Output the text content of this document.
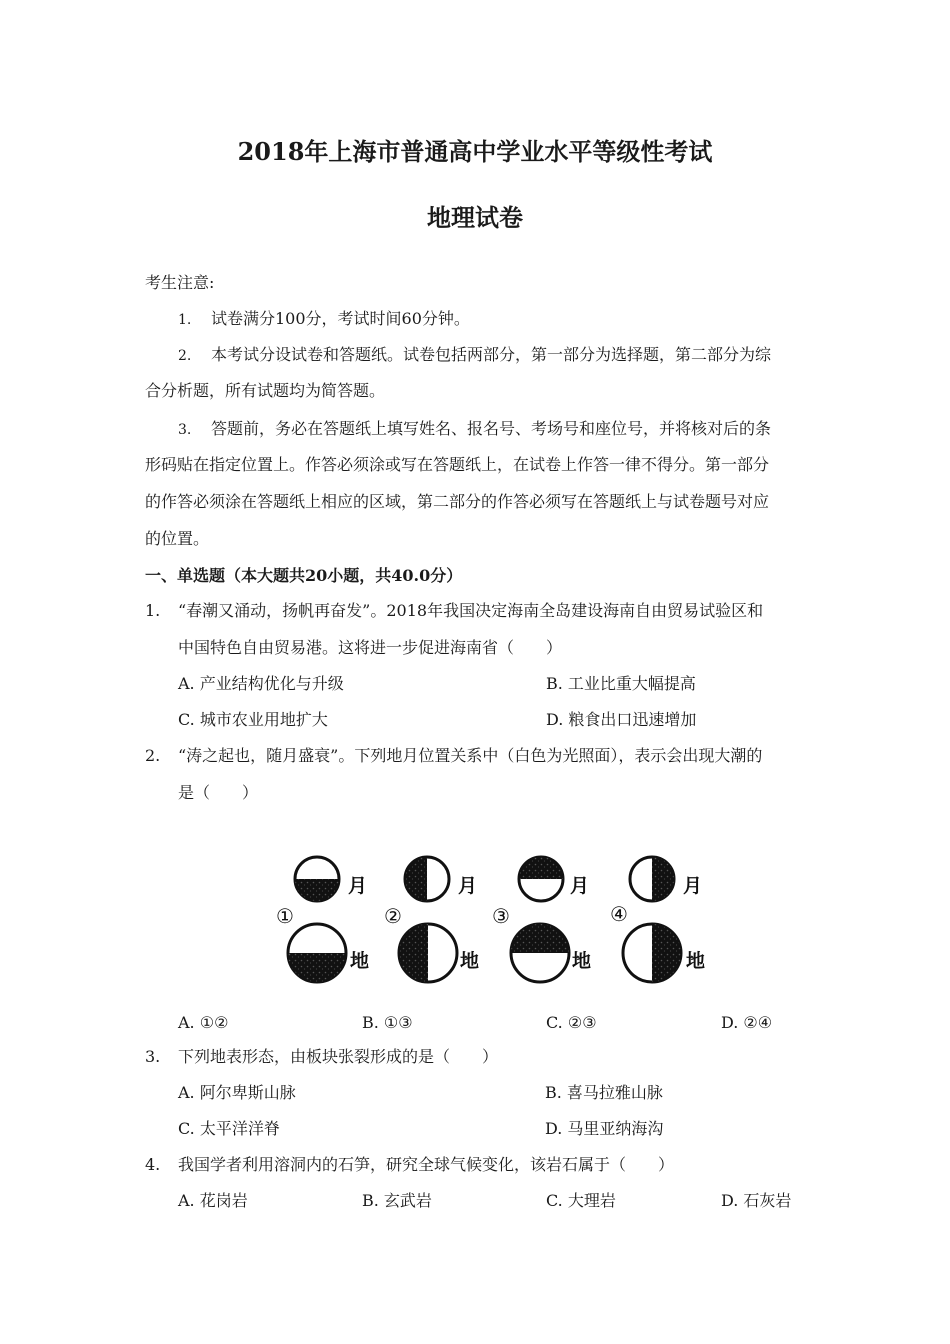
2018年上海市普通高中学业水平等级性考试
地理试卷
考生注意:
1. 试卷满分100分，考试时间60分钟。
2. 本考试分设试卷和答题纸。试卷包括两部分，第一部分为选择题，第二部分为综
合分析题，所有试题均为简答题。
3. 答题前，务必在答题纸上填写姓名、报名号、考场号和座位号，并将核对后的条
形码贴在指定位置上。作答必须涂或写在答题纸上，在试卷上作答一律不得分。第一部分
的作答必须涂在答题纸上相应的区域，第二部分的作答必须写在答题纸上与试卷题号对应
的位置。
一、单选题（本大题共20小题，共40.0分）
1. “春潮又涌动，扬帆再奋发”。2018年我国决定海南全岛建设海南自由贸易试验区和
中国特色自由贸易港。这将进一步促进海南省（　　）
A. 产业结构优化与升级	B. 工业比重大幅提高
C. 城市农业用地扩大	D. 粮食出口迅速增加
2. “涛之起也，随月盛衰”。下列地月位置关系中（白色为光照面），表示会出现大潮的
是（　　）
月
①
地
月
②
地
月
③
地
月
④
地
A. ①②	B. ①③	C. ②③	D. ②④
3. 下列地表形态，由板块张裂形成的是（　　）
A. 阿尔卑斯山脉	B. 喜马拉雅山脉
C. 太平洋洋脊	D. 马里亚纳海沟
4. 我国学者利用溶洞内的石笋，研究全球气候变化，该岩石属于（　　）
A. 花岗岩	B. 玄武岩	C. 大理岩	D. 石灰岩
